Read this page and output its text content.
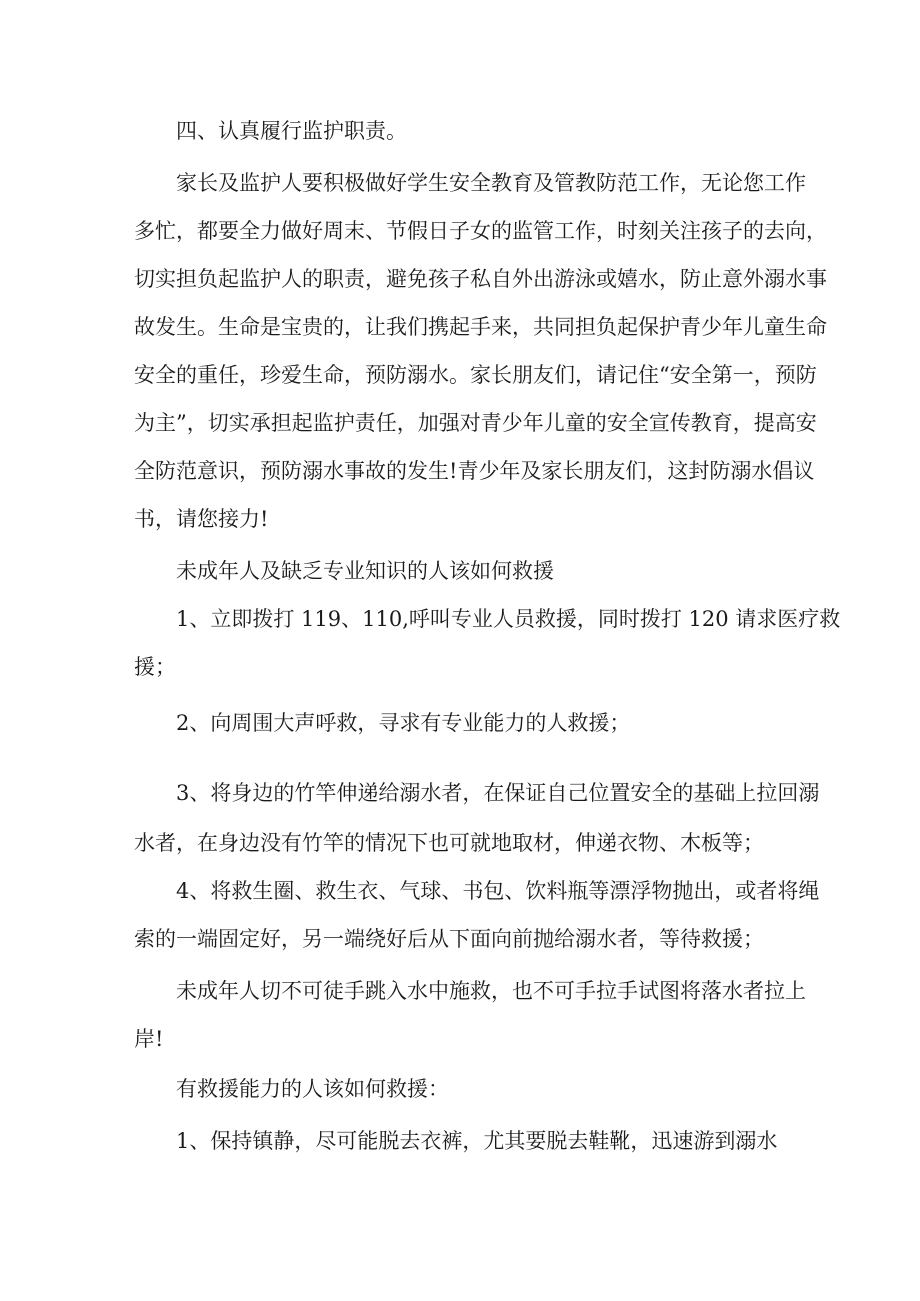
四、认真履行监护职责。

家长及监护人要积极做好学生安全教育及管教防范工作，无论您工作

多忙，都要全力做好周末、节假日子女的监管工作，时刻关注孩子的去向，

切实担负起监护人的职责，避免孩子私自外出游泳或嬉水，防止意外溺水事

故发生。生命是宝贵的，让我们携起手来，共同担负起保护青少年儿童生命

安全的重任，珍爱生命，预防溺水。家长朋友们，请记住“安全第一，预防

为主”，切实承担起监护责任，加强对青少年儿童的安全宣传教育，提高安

全防范意识，预防溺水事故的发生!青少年及家长朋友们，这封防溺水倡议

书，请您接力!

未成年人及缺乏专业知识的人该如何救援

1、立即拨打 119、110,呼叫专业人员救援，同时拨打 120 请求医疗救

援；

2、向周围大声呼救，寻求有专业能力的人救援；

3、将身边的竹竿伸递给溺水者，在保证自己位置安全的基础上拉回溺

水者，在身边没有竹竿的情况下也可就地取材，伸递衣物、木板等；

4、将救生圈、救生衣、气球、书包、饮料瓶等漂浮物抛出，或者将绳

索的一端固定好，另一端绕好后从下面向前抛给溺水者，等待救援；

未成年人切不可徒手跳入水中施救，也不可手拉手试图将落水者拉上

岸!

有救援能力的人该如何救援：

1、保持镇静，尽可能脱去衣裤，尤其要脱去鞋靴，迅速游到溺水
